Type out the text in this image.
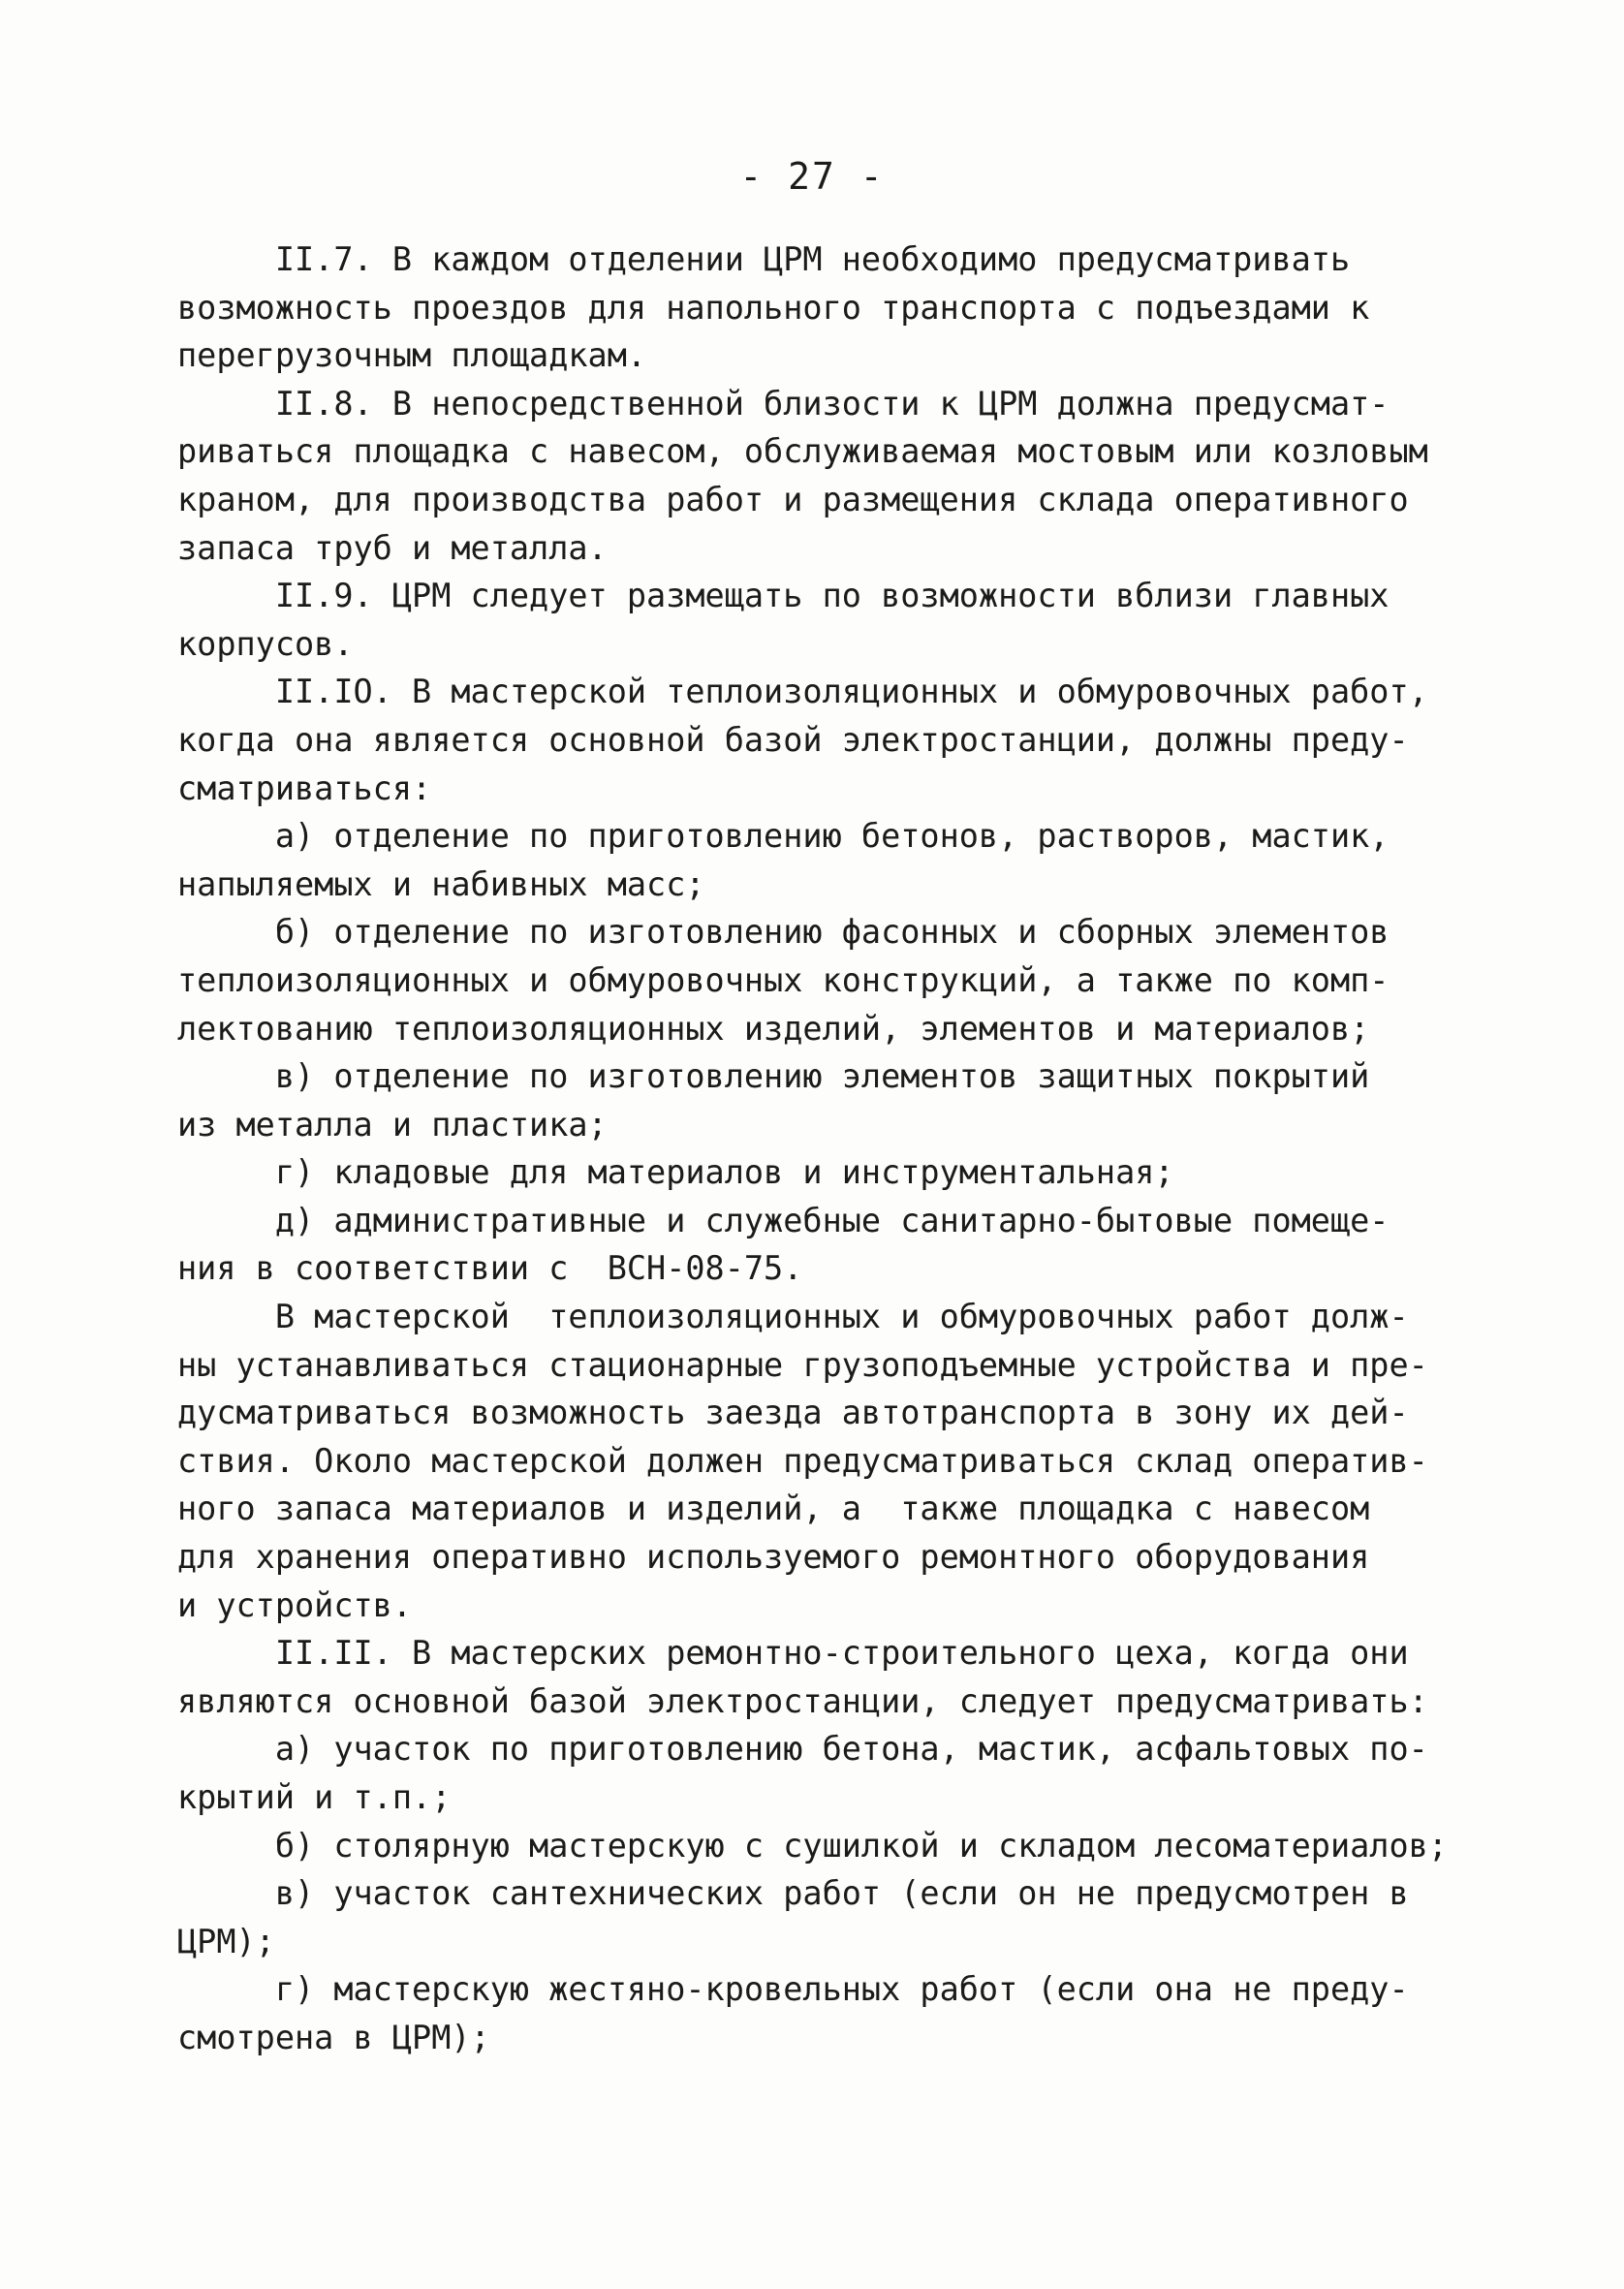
- 27 -
II.7. В каждом отделении ЦРМ необходимо предусматривать
возможность проездов для напольного транспорта с подъездами к
перегрузочным площадкам.
II.8. В непосредственной близости к ЦРМ должна предусмат-
риваться площадка с навесом, обслуживаемая мостовым или козловым
краном, для производства работ и размещения склада оперативного
запаса труб и металла.
II.9. ЦРМ следует размещать по возможности вблизи главных
корпусов.
II.IO. В мастерской теплоизоляционных и обмуровочных работ,
когда она является основной базой электростанции, должны преду-
сматриваться:
а) отделение по приготовлению бетонов, растворов, мастик,
напыляемых и набивных масс;
б) отделение по изготовлению фасонных и сборных элементов
теплоизоляционных и обмуровочных конструкций, а также по комп-
лектованию теплоизоляционных изделий, элементов и материалов;
в) отделение по изготовлению элементов защитных покрытий
из металла и пластика;
г) кладовые для материалов и инструментальная;
д) административные и служебные санитарно-бытовые помеще-
ния в соответствии с  ВСН-08-75.
В мастерской  теплоизоляционных и обмуровочных работ долж-
ны устанавливаться стационарные грузоподъемные устройства и пре-
дусматриваться возможность заезда автотранспорта в зону их дей-
ствия. Около мастерской должен предусматриваться склад оператив-
ного запаса материалов и изделий, а  также площадка с навесом
для хранения оперативно используемого ремонтного оборудования
и устройств.
II.II. В мастерских ремонтно-строительного цеха, когда они
являются основной базой электростанции, следует предусматривать:
а) участок по приготовлению бетона, мастик, асфальтовых по-
крытий и т.п.;
б) столярную мастерскую с сушилкой и складом лесоматериалов;
в) участок сантехнических работ (если он не предусмотрен в
ЦРМ);
г) мастерскую жестяно-кровельных работ (если она не преду-
смотрена в ЦРМ);
